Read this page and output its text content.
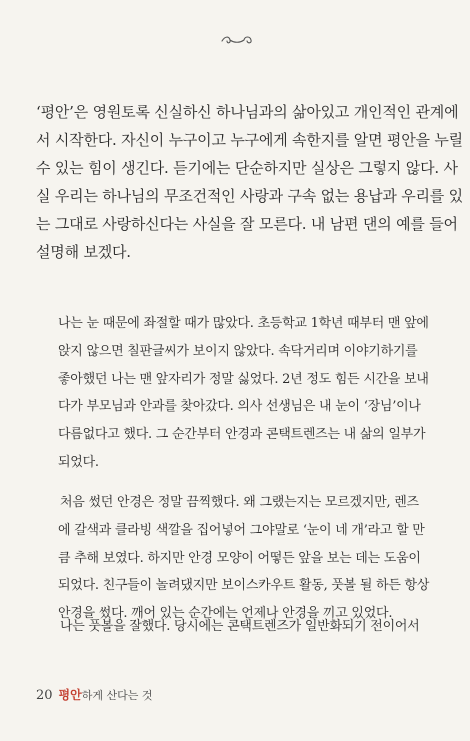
‘평안’은 영원토록 신실하신 하나님과의 삶아있고 개인적인 관계에
서 시작한다. 자신이 누구이고 누구에게 속한지를 알면 평안을 누릴
수 있는 힘이 생긴다. 듣기에는 단순하지만 실상은 그렇지 않다. 사
실 우리는 하나님의 무조건적인 사랑과 구속 없는 용납과 우리를 있
는 그대로 사랑하신다는 사실을 잘 모른다. 내 남편 댄의 예를 들어
설명해 보겠다.
나는 눈 때문에 좌절할 때가 많았다. 초등학교 1학년 때부터 맨 앞에
앉지 않으면 칠판글씨가 보이지 않았다. 속닥거리며 이야기하기를
좋아했던 나는 맨 앞자리가 정말 싫었다. 2년 정도 힘든 시간을 보내
다가 부모님과 안과를 찾아갔다. 의사 선생님은 내 눈이 ‘장님’이나
다름없다고 했다. 그 순간부터 안경과 콘택트렌즈는 내 삶의 일부가
되었다.
처음 썼던 안경은 정말 끔찍했다. 왜 그랬는지는 모르겠지만, 렌즈
에 갈색과 클라빙 색깔을 집어넣어 그야말로 ‘눈이 네 개’라고 할 만
큼 추해 보였다. 하지만 안경 모양이 어떻든 앞을 보는 데는 도움이
되었다. 친구들이 놀려댔지만 보이스카우트 활동, 풋볼 될 하든 항상
안경을 썼다. 깨어 있는 순간에는 언제나 안경을 끼고 있었다.
나는 풋볼을 잘했다. 당시에는 콘택트렌즈가 일반화되기 전이어서
20 평안하게 산다는 것
